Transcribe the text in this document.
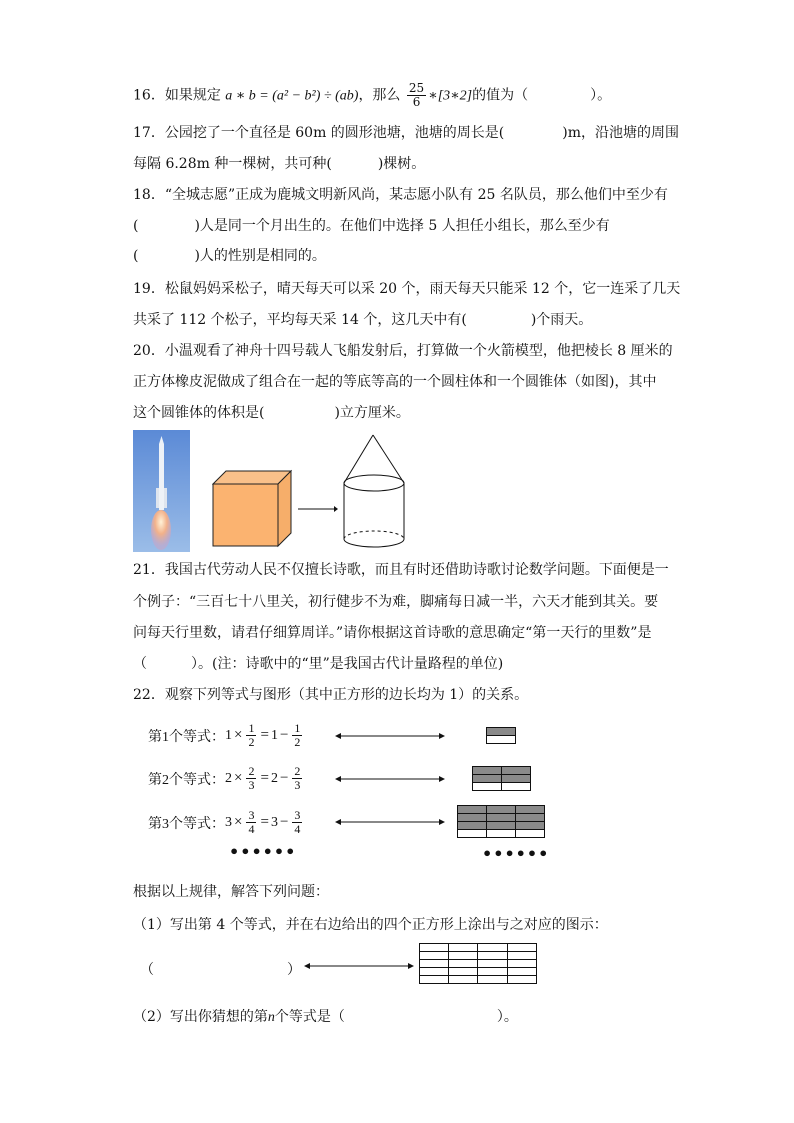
16．如果规定 a ∗ b = (a² − b²) ÷ (ab)，那么 $\frac{25}{6}$ ∗[3∗2]的值为（	）。
17．公园挖了一个直径是 60m 的圆形池塘，池塘的周长是(	)m，沿池塘的周围
每隔 6.28m 种一棵树，共可种(	)棵树。
18．“全城志愿”正成为鹿城文明新风尚，某志愿小队有 25 名队员，那么他们中至少有
(	)人是同一个月出生的。在他们中选择 5 人担任小组长，那么至少有
(	)人的性别是相同的。
19．松鼠妈妈采松子，晴天每天可以采 20 个，雨天每天只能采 12 个，它一连采了几天
共采了 112 个松子，平均每天采 14 个，这几天中有(	)个雨天。
20．小温观看了神舟十四号载人飞船发射后，打算做一个火箭模型，他把棱长 8 厘米的
正方体橡皮泥做成了组合在一起的等底等高的一个圆柱体和一个圆锥体（如图)，其中
这个圆锥体的体积是(	)立方厘米。
21．我国古代劳动人民不仅擅长诗歌，而且有时还借助诗歌讨论数学问题。下面便是一
个例子：“三百七十八里关，初行健步不为难，脚痛每日减一半，六天才能到其关。要
问每天行里数，请君仔细算周详。”请你根据这首诗歌的意思确定“第一天行的里数”是
（	）。(注：诗歌中的“里”是我国古代计量路程的单位)
22．观察下列等式与图形（其中正方形的边长均为 1）的关系。
第1个等式： $1 \times \frac{1}{2} = 1 - \frac{1}{2}$
第2个等式： $2 \times \frac{2}{3} = 2 - \frac{2}{3}$
第3个等式： $3 \times \frac{3}{4} = 3 - \frac{3}{4}$
••••••	••••••
根据以上规律，解答下列问题：
（1）写出第 4 个等式，并在右边给出的四个正方形上涂出与之对应的图示：
（	）
（2）写出你猜想的第n个等式是（	）。
